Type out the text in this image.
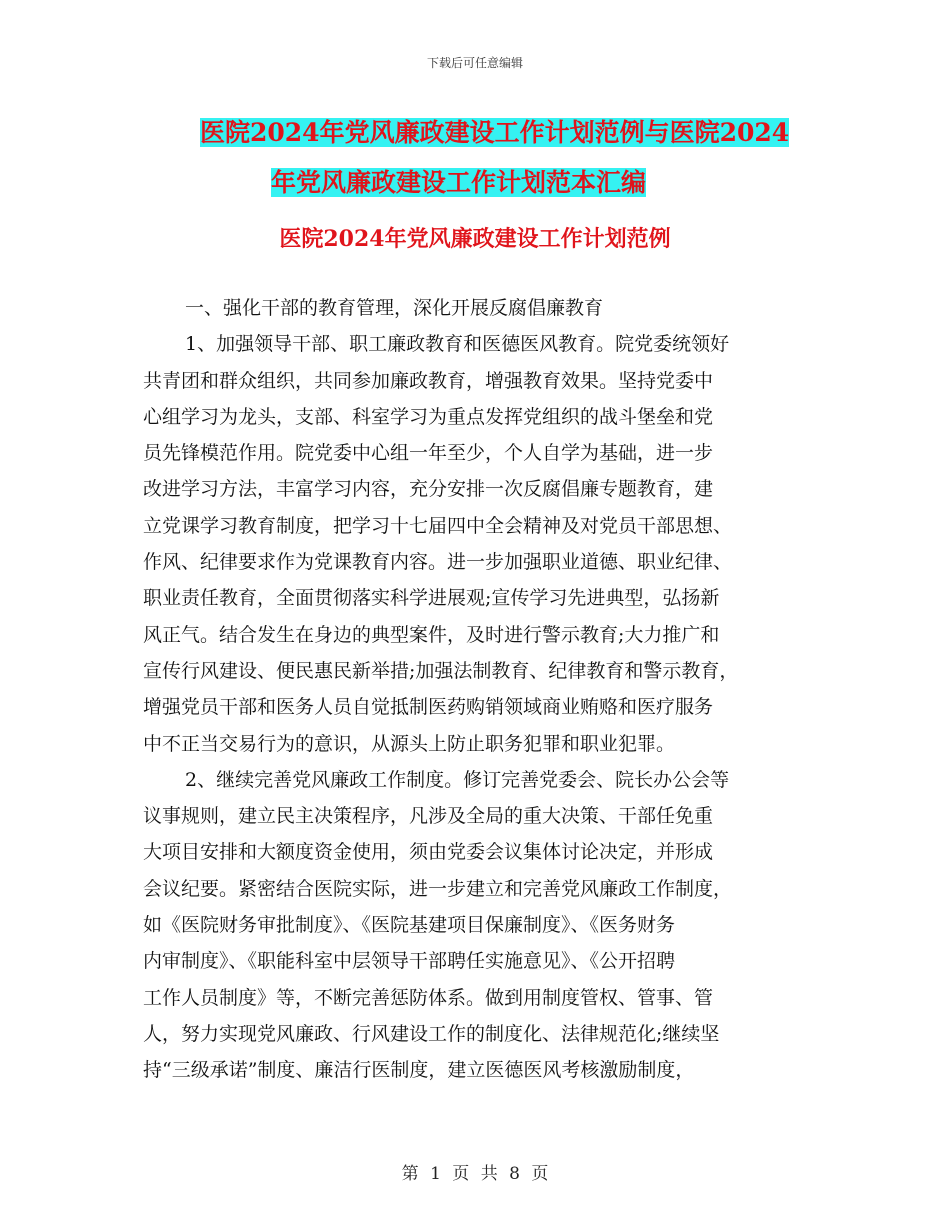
下载后可任意编辑
医院2024年党风廉政建设工作计划范例与医院2024
年党风廉政建设工作计划范本汇编
医院2024年党风廉政建设工作计划范例
一、强化干部的教育管理，深化开展反腐倡廉教育
1、加强领导干部、职工廉政教育和医德医风教育。院党委统领好
共青团和群众组织，共同参加廉政教育，增强教育效果。坚持党委中
心组学习为龙头，支部、科室学习为重点发挥党组织的战斗堡垒和党
员先锋模范作用。院党委中心组一年至少，个人自学为基础，进一步
改进学习方法，丰富学习内容，充分安排一次反腐倡廉专题教育，建
立党课学习教育制度，把学习十七届四中全会精神及对党员干部思想、
作风、纪律要求作为党课教育内容。进一步加强职业道德、职业纪律、
职业责任教育，全面贯彻落实科学进展观;宣传学习先进典型，弘扬新
风正气。结合发生在身边的典型案件，及时进行警示教育;大力推广和
宣传行风建设、便民惠民新举措;加强法制教育、纪律教育和警示教育，
增强党员干部和医务人员自觉抵制医药购销领域商业贿赂和医疗服务
中不正当交易行为的意识，从源头上防止职务犯罪和职业犯罪。
2、继续完善党风廉政工作制度。修订完善党委会、院长办公会等
议事规则，建立民主决策程序，凡涉及全局的重大决策、干部任免重
大项目安排和大额度资金使用，须由党委会议集体讨论决定，并形成
会议纪要。紧密结合医院实际，进一步建立和完善党风廉政工作制度，
如《医院财务审批制度》、《医院基建项目保廉制度》、《医务财务
内审制度》、《职能科室中层领导干部聘任实施意见》、《公开招聘
工作人员制度》等，不断完善惩防体系。做到用制度管权、管事、管
人，努力实现党风廉政、行风建设工作的制度化、法律规范化;继续坚
持“三级承诺”制度、廉洁行医制度，建立医德医风考核激励制度，
第 1 页 共 8 页
